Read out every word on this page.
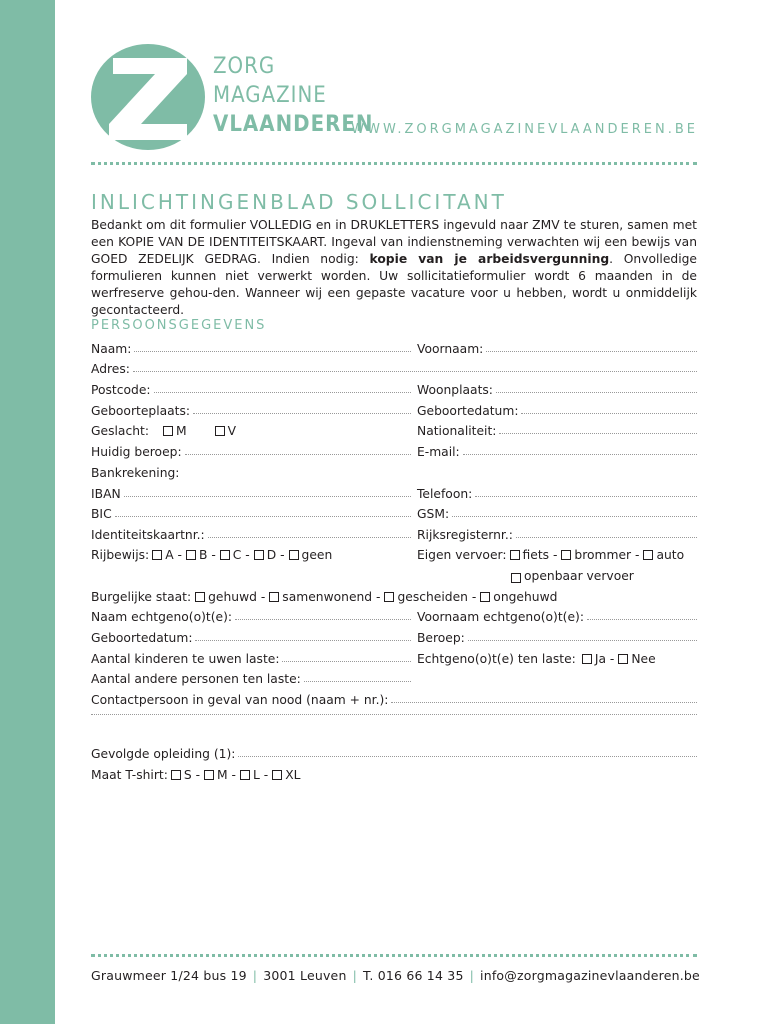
ZORG
MAGAZINE
VLAANDEREN
WWW.ZORGMAGAZINEVLAANDEREN.BE
INLICHTINGENBLAD SOLLICITANT
Bedankt om dit formulier VOLLEDIG en in DRUKLETTERS ingevuld naar ZMV te sturen, samen met een KOPIE VAN DE IDENTITEITSKAART. Ingeval van indienstneming verwachten wij een bewijs van GOED ZEDELIJK GEDRAG. Indien nodig: kopie van je arbeidsvergunning. Onvolledige formulieren kunnen niet verwerkt worden. Uw sollicitatieformulier wordt 6 maanden in de werfreserve gehou-den. Wanneer wij een gepaste vacature voor u hebben, wordt u onmiddelijk gecontacteerd.
PERSOONSGEGEVENS
Naam:	Voornaam:
Adres:
Postcode:	Woonplaats:
Geboorteplaats:	Geboortedatum:
Geslacht:	M	V	Nationaliteit:
Huidig beroep:	E-mail:
Bankrekening:
IBAN	Telefoon:
BIC	GSM:
Identiteitskaartnr.:	Rijksregisternr.:
Rijbewijs:	A -	B -	C -	D -	geen	Eigen vervoer:	fiets -	brommer -	auto
openbaar vervoer
Burgelijke staat:	gehuwd -	samenwonend -	gescheiden -	ongehuwd
Naam echtgeno(o)t(e):	Voornaam echtgeno(o)t(e):
Geboortedatum:	Beroep:
Aantal kinderen te uwen laste:	Echtgeno(o)t(e) ten laste:	Ja -	Nee
Aantal andere personen ten laste:
Contactpersoon in geval van nood (naam + nr.):
Gevolgde opleiding (1):
Maat T-shirt:	S -	M -	L -	XL
Grauwmeer 1/24 bus 19 | 3001 Leuven | T. 016 66 14 35 | info@zorgmagazinevlaanderen.be
